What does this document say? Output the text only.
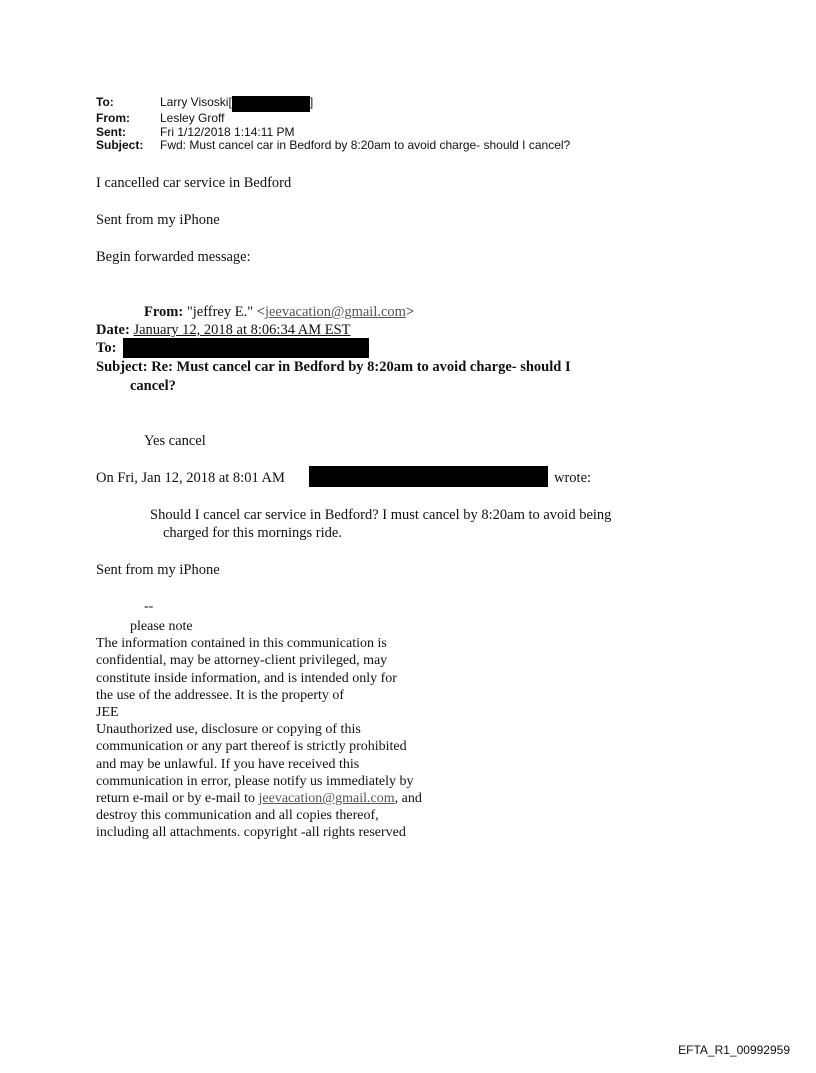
To:	Larry Visoski[	]
From:	Lesley Groff
Sent:	Fri 1/12/2018 1:14:11 PM
Subject:	Fwd: Must cancel car in Bedford by 8:20am to avoid charge- should I cancel?
I cancelled car service in Bedford
Sent from my iPhone
Begin forwarded message:
From: "jeffrey E." <jeevacation@gmail.com>
Date: January 12, 2018 at 8:06:34 AM EST
To:
Subject: Re: Must cancel car in Bedford by 8:20am to avoid charge- should I
cancel?
Yes cancel
On Fri, Jan 12, 2018 at 8:01 AM	wrote:
Should I cancel car service in Bedford? I must cancel by 8:20am to avoid being
charged for this mornings ride.
Sent from my iPhone
--
please note
The information contained in this communication is
confidential, may be attorney-client privileged, may
constitute inside information, and is intended only for
the use of the addressee. It is the property of
JEE
Unauthorized use, disclosure or copying of this
communication or any part thereof is strictly prohibited
and may be unlawful. If you have received this
communication in error, please notify us immediately by
return e-mail or by e-mail to jeevacation@gmail.com, and
destroy this communication and all copies thereof,
including all attachments. copyright -all rights reserved
EFTA_R1_00992959
